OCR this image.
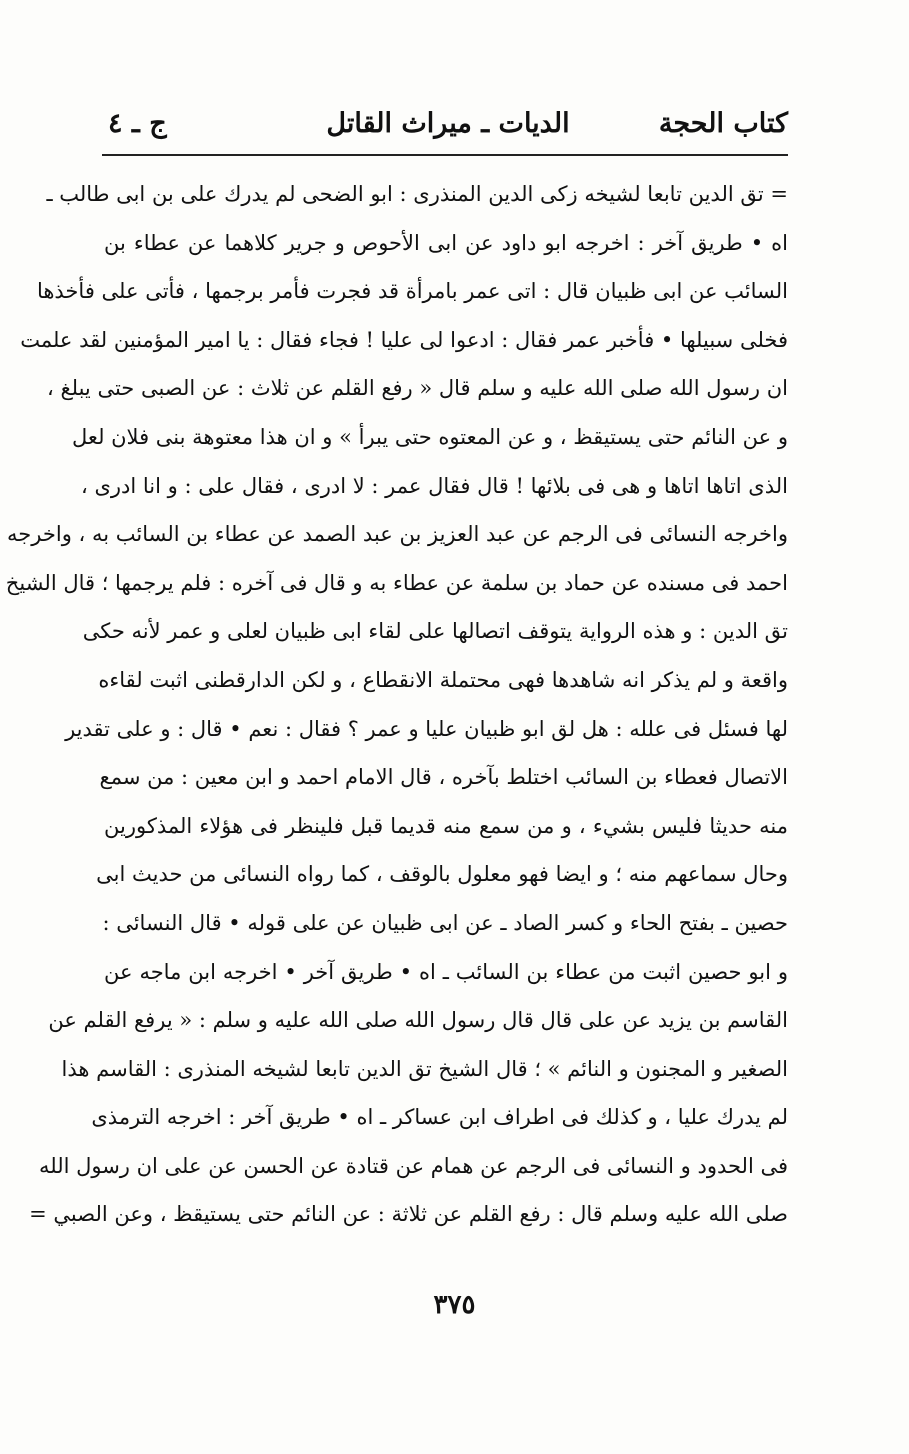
كتاب الحجة
الديات ـ ميراث القاتل
ج ـ ٤
= تق الدين تابعا لشيخه زكى الدين المنذرى : ابو الضحى لم يدرك على بن ابى طالب ـ
اه • طريق آخر : اخرجه ابو داود عن ابى الأحوص و جرير كلاهما عن عطاء بن
السائب عن ابى ظبيان قال : اتى عمر بامرأة قد فجرت فأمر برجمها ، فأتى على فأخذها
فخلى سبيلها • فأخبر عمر فقال : ادعوا لى عليا ! فجاء فقال : يا امير المؤمنين لقد علمت
ان رسول الله صلى الله عليه و سلم قال « رفع القلم عن ثلاث : عن الصبى حتى يبلغ ،
و عن النائم حتى يستيقظ ، و عن المعتوه حتى يبرأ » و ان هذا معتوهة بنى فلان لعل
الذى اتاها اتاها و هى فى بلائها ! قال فقال عمر : لا ادرى ، فقال على : و انا ادرى ،
واخرجه النسائى فى الرجم عن عبد العزيز بن عبد الصمد عن عطاء بن السائب به ، واخرجه
احمد فى مسنده عن حماد بن سلمة عن عطاء به و قال فى آخره : فلم يرجمها ؛ قال الشيخ
تق الدين : و هذه الرواية يتوقف اتصالها على لقاء ابى ظبيان لعلى و عمر لأنه حكى
واقعة و لم يذكر انه شاهدها فهى محتملة الانقطاع ، و لكن الدارقطنى اثبت لقاءه
لها فسئل فى علله : هل لق ابو ظبيان عليا و عمر ؟ فقال : نعم • قال : و على تقدير
الاتصال فعطاء بن السائب اختلط بآخره ، قال الامام احمد و ابن معين : من سمع
منه حديثا فليس بشيء ، و من سمع منه قديما قبل فلينظر فى هؤلاء المذكورين
وحال سماعهم منه ؛ و ايضا فهو معلول بالوقف ، كما رواه النسائى من حديث ابى
حصين ـ بفتح الحاء و كسر الصاد ـ عن ابى ظبيان عن على قوله • قال النسائى :
و ابو حصين اثبت من عطاء بن السائب ـ اه • طريق آخر • اخرجه ابن ماجه عن
القاسم بن يزيد عن على قال قال رسول الله صلى الله عليه و سلم : « يرفع القلم عن
الصغير و المجنون و النائم » ؛ قال الشيخ تق الدين تابعا لشيخه المنذرى : القاسم هذا
لم يدرك عليا ، و كذلك فى اطراف ابن عساكر ـ اه • طريق آخر : اخرجه الترمذى
فى الحدود و النسائى فى الرجم عن همام عن قتادة عن الحسن عن على ان رسول الله
صلى الله عليه وسلم قال : رفع القلم عن ثلاثة : عن النائم حتى يستيقظ ، وعن الصبي =
٣٧٥
